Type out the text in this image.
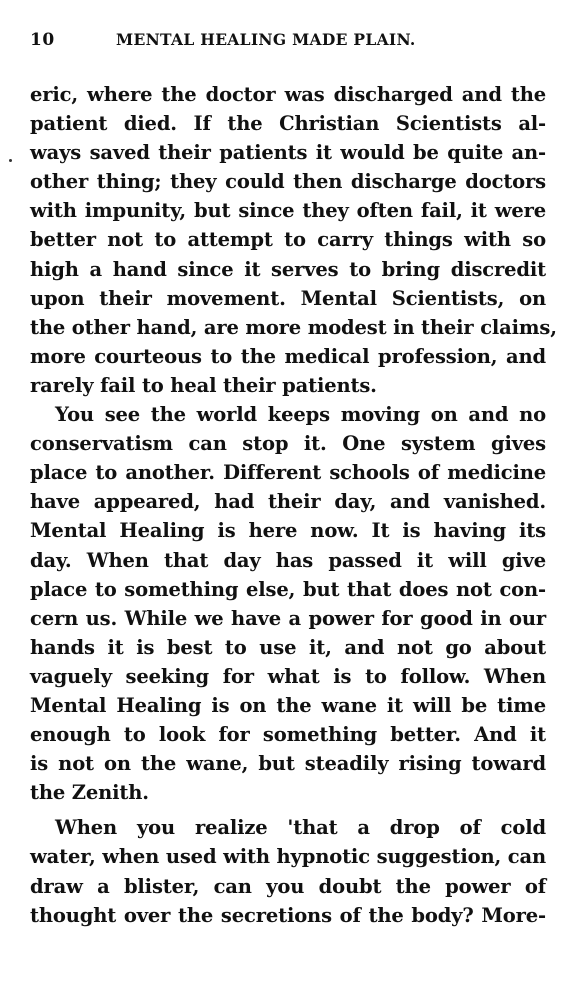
10	MENTAL HEALING MADE PLAIN.
eric, where the doctor was discharged and the
patient died. If the Christian Scientists al-
ways saved their patients it would be quite an-
other thing; they could then discharge doctors
with impunity, but since they often fail, it were
better not to attempt to carry things with so
high a hand since it serves to bring discredit
upon their movement. Mental Scientists, on
the other hand, are more modest in their claims,
more courteous to the medical profession, and
rarely fail to heal their patients.
You see the world keeps moving on and no
conservatism can stop it. One system gives
place to another. Different schools of medicine
have appeared, had their day, and vanished.
Mental Healing is here now. It is having its
day. When that day has passed it will give
place to something else, but that does not con-
cern us. While we have a power for good in our
hands it is best to use it, and not go about
vaguely seeking for what is to follow. When
Mental Healing is on the wane it will be time
enough to look for something better. And it
is not on the wane, but steadily rising toward
the Zenith.
When you realize 'that a drop of cold
water, when used with hypnotic suggestion, can
draw a blister, can you doubt the power of
thought over the secretions of the body? More-
